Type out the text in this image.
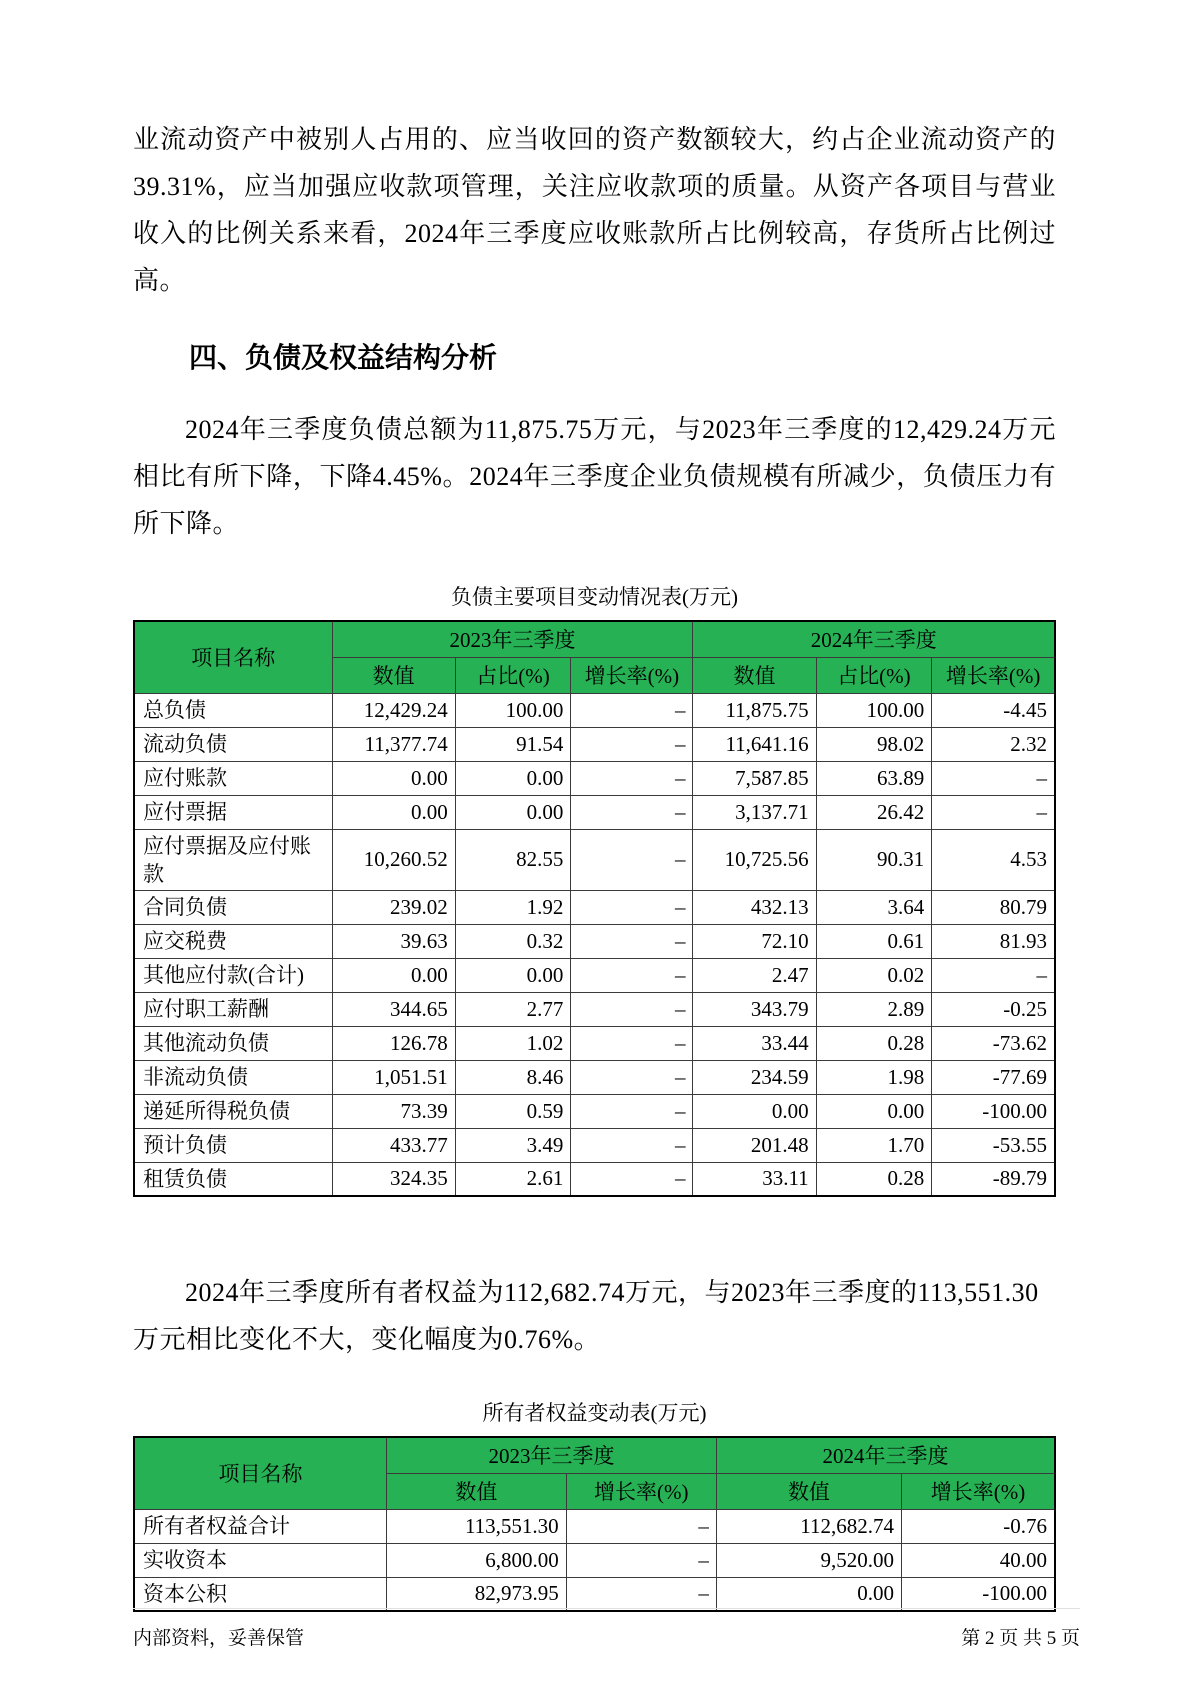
业流动资产中被别人占用的、应当收回的资产数额较大，约占企业流动资产的39.31%，应当加强应收款项管理，关注应收款项的质量。从资产各项目与营业收入的比例关系来看，2024年三季度应收账款所占比例较高，存货所占比例过高。

四、负债及权益结构分析

2024年三季度负债总额为11,875.75万元，与2023年三季度的12,429.24万元相比有所下降，下降4.45%。2024年三季度企业负债规模有所减少，负债压力有所下降。

负债主要项目变动情况表(万元)
项目名称	2023年三季度			2024年三季度		
	数值	占比(%)	增长率(%)	数值	占比(%)	增长率(%)
总负债	12,429.24	100.00	–	11,875.75	100.00	-4.45
流动负债	11,377.74	91.54	–	11,641.16	98.02	2.32
应付账款	0.00	0.00	–	7,587.85	63.89	–
应付票据	0.00	0.00	–	3,137.71	26.42	–
应付票据及应付账款	10,260.52	82.55	–	10,725.56	90.31	4.53
合同负债	239.02	1.92	–	432.13	3.64	80.79
应交税费	39.63	0.32	–	72.10	0.61	81.93
其他应付款(合计)	0.00	0.00	–	2.47	0.02	–
应付职工薪酬	344.65	2.77	–	343.79	2.89	-0.25
其他流动负债	126.78	1.02	–	33.44	0.28	-73.62
非流动负债	1,051.51	8.46	–	234.59	1.98	-77.69
递延所得税负债	73.39	0.59	–	0.00	0.00	-100.00
预计负债	433.77	3.49	–	201.48	1.70	-53.55
租赁负债	324.35	2.61	–	33.11	0.28	-89.79

2024年三季度所有者权益为112,682.74万元，与2023年三季度的113,551.30万元相比变化不大，变化幅度为0.76%。

所有者权益变动表(万元)
项目名称	2023年三季度		2024年三季度	
	数值	增长率(%)	数值	增长率(%)
所有者权益合计	113,551.30	–	112,682.74	-0.76
实收资本	6,800.00	–	9,520.00	40.00
资本公积	82,973.95	–	0.00	-100.00
内部资料，妥善保管	第 2 页 共 5 页
